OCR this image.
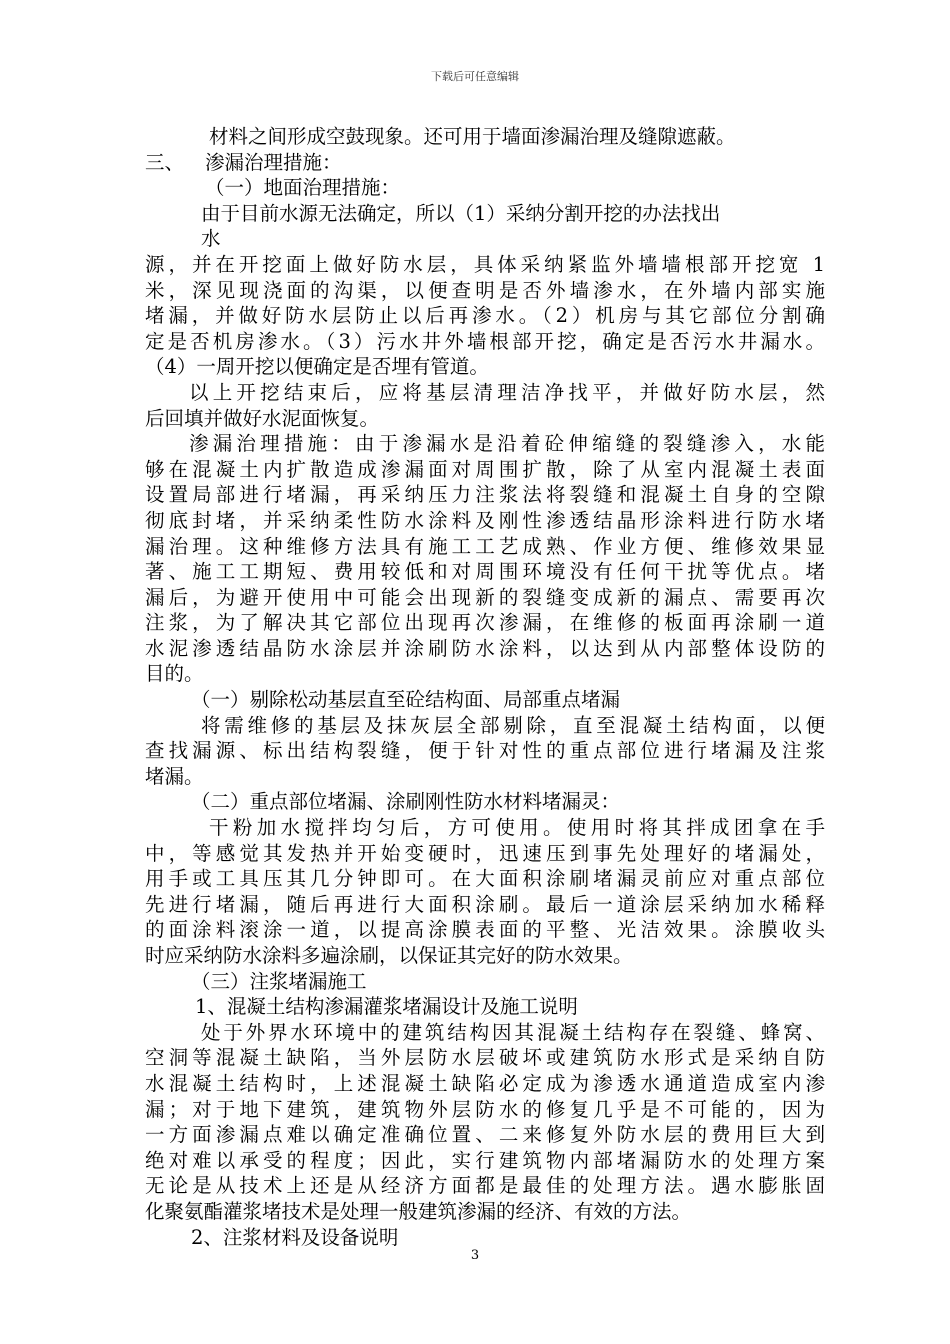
下载后可任意编辑
材料之间形成空鼓现象。还可用于墙面渗漏治理及缝隙遮蔽。
三、 渗漏治理措施：
（一）地面治理措施：
由于目前水源无法确定，所以（1）采纳分割开挖的办法找出
水
源，并在开挖面上做好防水层，具体采纳紧监外墙墙根部开挖宽 1
米，深见现浇面的沟渠，以便查明是否外墙渗水，在外墙内部实施
堵漏，并做好防水层防止以后再渗水。（2）机房与其它部位分割确
定是否机房渗水。（3）污水井外墙根部开挖，确定是否污水井漏水。
（4）一周开挖以便确定是否埋有管道。
以上开挖结束后，应将基层清理洁净找平，并做好防水层，然
后回填并做好水泥面恢复。
渗漏治理措施：由于渗漏水是沿着砼伸缩缝的裂缝渗入，水能
够在混凝土内扩散造成渗漏面对周围扩散，除了从室内混凝土表面
设置局部进行堵漏，再采纳压力注浆法将裂缝和混凝土自身的空隙
彻底封堵，并采纳柔性防水涂料及刚性渗透结晶形涂料进行防水堵
漏治理。这种维修方法具有施工工艺成熟、作业方便、维修效果显
著、施工工期短、费用较低和对周围环境没有任何干扰等优点。堵
漏后，为避开使用中可能会出现新的裂缝变成新的漏点、需要再次
注浆，为了解决其它部位出现再次渗漏，在维修的板面再涂刷一道
水泥渗透结晶防水涂层并涂刷防水涂料，以达到从内部整体设防的
目的。
（一）剔除松动基层直至砼结构面、局部重点堵漏
将需维修的基层及抹灰层全部剔除，直至混凝土结构面，以便
查找漏源、标出结构裂缝，便于针对性的重点部位进行堵漏及注浆
堵漏。
（二）重点部位堵漏、涂刷刚性防水材料堵漏灵：
干粉加水搅拌均匀后，方可使用。使用时将其拌成团拿在手
中，等感觉其发热并开始变硬时，迅速压到事先处理好的堵漏处，
用手或工具压其几分钟即可。在大面积涂刷堵漏灵前应对重点部位
先进行堵漏，随后再进行大面积涂刷。最后一道涂层采纳加水稀释
的面涂料滚涂一道，以提高涂膜表面的平整、光洁效果。涂膜收头
时应采纳防水涂料多遍涂刷，以保证其完好的防水效果。
（三）注浆堵漏施工
1、混凝土结构渗漏灌浆堵漏设计及施工说明
处于外界水环境中的建筑结构因其混凝土结构存在裂缝、蜂窝、
空洞等混凝土缺陷，当外层防水层破坏或建筑防水形式是采纳自防
水混凝土结构时，上述混凝土缺陷必定成为渗透水通道造成室内渗
漏；对于地下建筑，建筑物外层防水的修复几乎是不可能的，因为
一方面渗漏点难以确定准确位置、二来修复外防水层的费用巨大到
绝对难以承受的程度；因此，实行建筑物内部堵漏防水的处理方案
无论是从技术上还是从经济方面都是最佳的处理方法。遇水膨胀固
化聚氨酯灌浆堵技术是处理一般建筑渗漏的经济、有效的方法。
2、注浆材料及设备说明
3
